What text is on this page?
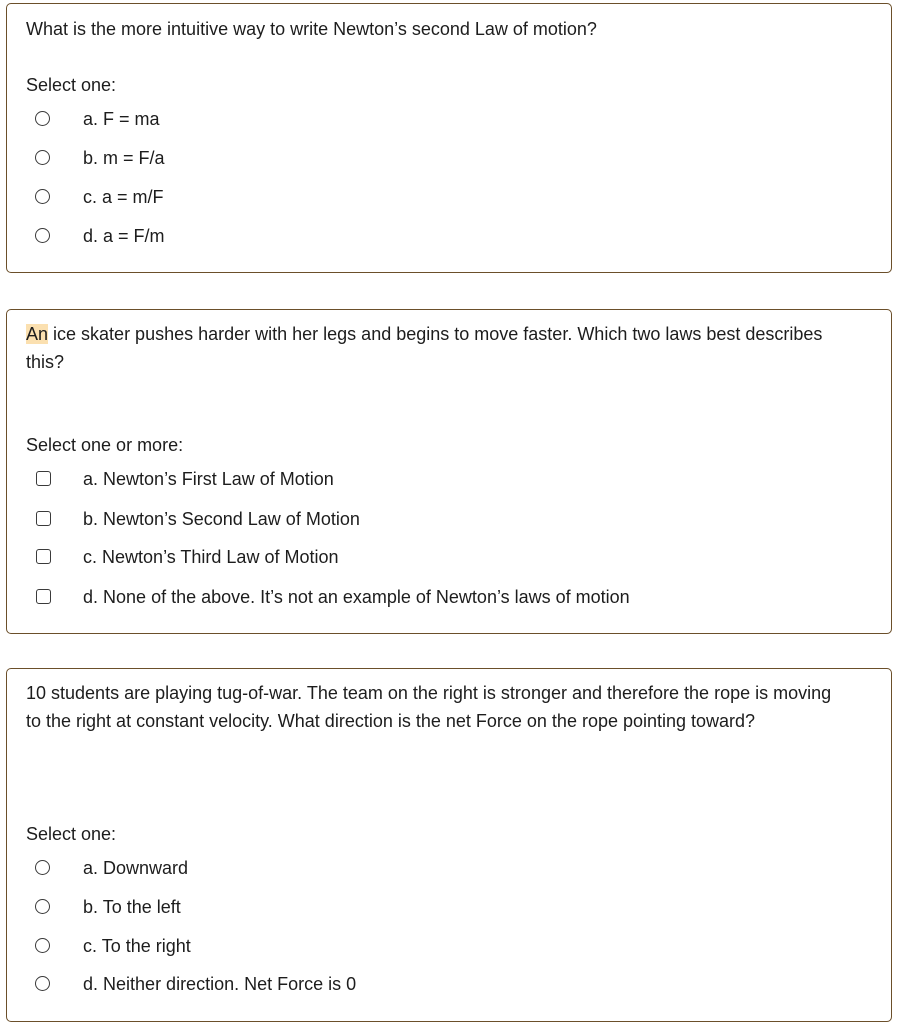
What is the more intuitive way to write Newton’s second Law of motion?

Select one:

a. F = ma
b. m = F/a
c. a = m/F
d. a = F/m

An ice skater pushes harder with her legs and begins to move faster. Which two laws best describes this?

Select one or more:

a. Newton’s First Law of Motion
b. Newton’s Second Law of Motion
c. Newton’s Third Law of Motion
d. None of the above. It’s not an example of Newton’s laws of motion

10 students are playing tug-of-war. The team on the right is stronger and therefore the rope is moving to the right at constant velocity. What direction is the net Force on the rope pointing toward?

Select one:

a. Downward
b. To the left
c. To the right
d. Neither direction. Net Force is 0
